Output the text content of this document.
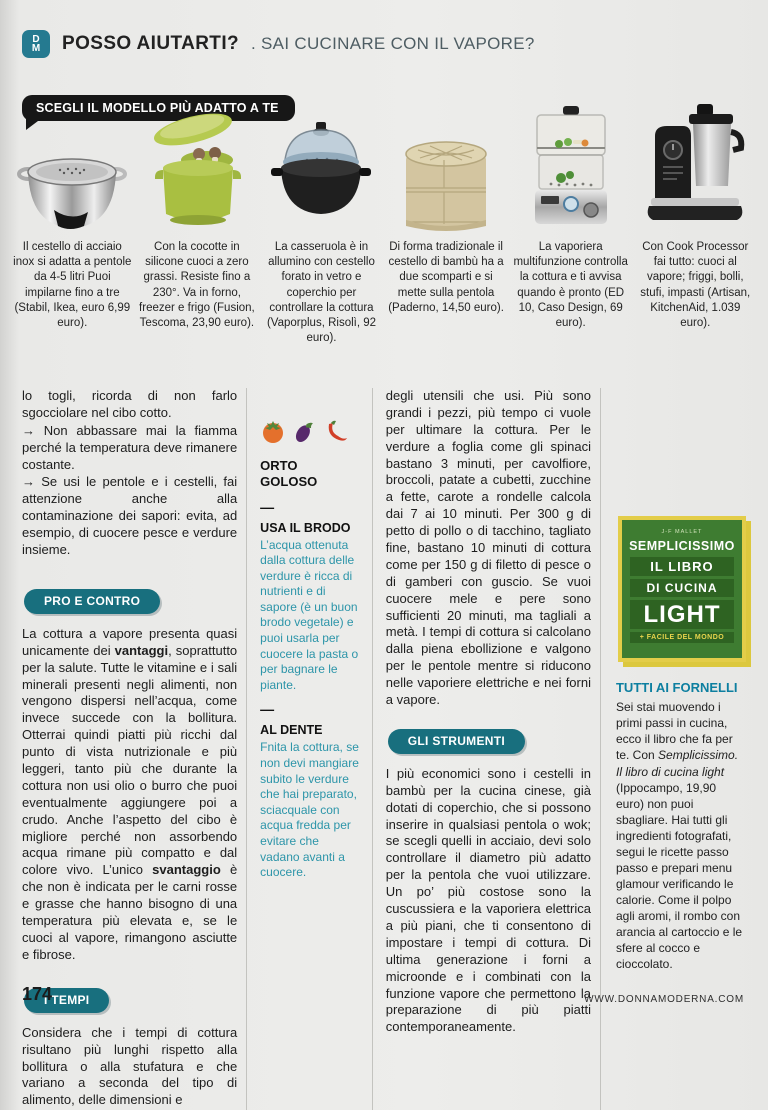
D
M POSSO AIUTARTI? . SAI CUCINARE CON IL VAPORE?
SCEGLI IL MODELLO PIÙ ADATTO A TE
Il cestello di acciaio inox si adatta a pentole da 4-5 litri Puoi impilarne fino a tre (Stabil, Ikea, euro 6,99 euro).
Con la cocotte in silicone cuoci a zero grassi. Resiste fino a 230°. Va in forno, freezer e frigo (Fusion, Tescoma, 23,90 euro).
La casseruola è in allumino con cestello forato in vetro e coperchio per controllare la cottura (Vaporplus, Risolì, 92 euro).
Di forma tradizionale il cestello di bambù ha a due scomparti e si mette sulla pentola (Paderno, 14,50 euro).
La vaporiera multifunzione controlla la cottura e ti avvisa quando è pronto (ED 10, Caso Design, 69 euro).
Con Cook Processor fai tutto: cuoci al vapore; friggi, bolli, stufi, impasti (Artisan, KitchenAid, 1.039 euro).

lo togli, ricorda di non farlo sgocciolare nel cibo cotto.

→ Non abbassare mai la fiamma perché la temperatura deve rimanere costante.

→ Se usi le pentole e i cestelli, fai attenzione anche alla contaminazione dei sapori: evita, ad esempio, di cuocere pesce e verdure insieme.

PRO E CONTRO

La cottura a vapore presenta quasi unicamente dei vantaggi, soprattutto per la salute. Tutte le vitamine e i sali minerali presenti negli alimenti, non vengono dispersi nell’acqua, come invece succede con la bollitura. Otterrai quindi piatti più ricchi dal punto di vista nutrizionale e più leggeri, tanto più che durante la cottura non usi olio o burro che puoi eventualmente aggiungere poi a crudo. Anche l’aspetto del cibo è migliore perché non assorbendo acqua rimane più compatto e dal colore vivo. L’unico svantaggio è che non è indicata per le carni rosse e grasse che hanno bisogno di una temperatura più elevata e, se le cuoci al vapore, rimangono asciutte e fibrose.

I TEMPI

Considera che i tempi di cottura risultano più lunghi rispetto alla bollitura o alla stufatura e che variano a seconda del tipo di alimento, delle dimensioni e

ORTO
GOLOSO
—
USA IL BRODO

L’acqua ottenuta dalla cottura delle verdure è ricca di nutrienti e di sapore (è un buon brodo vegetale) e puoi usarla per cuocere la pasta o per bagnare le piante.

—
AL DENTE

Fnita la cottura, se non devi mangiare subito le verdure che hai preparato, sciacquale con acqua fredda per evitare che vadano avanti a cuocere.

degli utensili che usi. Più sono grandi i pezzi, più tempo ci vuole per ultimare la cottura. Per le verdure a foglia come gli spinaci bastano 3 minuti, per cavolfiore, broccoli, patate a cubetti, zucchine a fette, carote a rondelle calcola dai 7 ai 10 minuti. Per 300 g di petto di pollo o di tacchino, tagliato fine, bastano 10 minuti di cottura come per 150 g di filetto di pesce o di gamberi con guscio. Se vuoi cuocere mele e pere sono sufficienti 20 minuti, ma tagliali a metà. I tempi di cottura si calcolano dalla piena ebollizione e valgono per le pentole mentre si riducono nelle vaporiere elettriche e nei forni a vapore.

GLI STRUMENTI

I più economici sono i cestelli in bambù per la cucina cinese, già dotati di coperchio, che si possono inserire in qualsiasi pentola o wok; se scegli quelli in acciaio, devi solo controllare il diametro più adatto per la pentola che vuoi utilizzare. Un po’ più costose sono la cuscussiera e la vaporiera elettrica a più piani, che ti consentono di impostare i tempi di cottura. Di ultima generazione i forni a microonde e i combinati con la funzione vapore che permettono la preparazione di più piatti contemporaneamente.

J-F MALLET
SEMPLICISSIMO
IL LIBRO
DI CUCINA
LIGHT
+ FACILE DEL MONDO
TUTTI AI FORNELLI

Sei stai muovendo i primi passi in cucina, ecco il libro che fa per te. Con Semplicissimo. Il libro di cucina light (Ippocampo, 19,90 euro) non puoi sbagliare. Hai tutti gli ingredienti fotografati, segui le ricette passo passo e prepari menu glamour verificando le calorie. Come il polpo agli aromi, il rombo con arancia al cartoccio e le sfere al cocco e cioccolato.

174	WWW.DONNAMODERNA.COM
